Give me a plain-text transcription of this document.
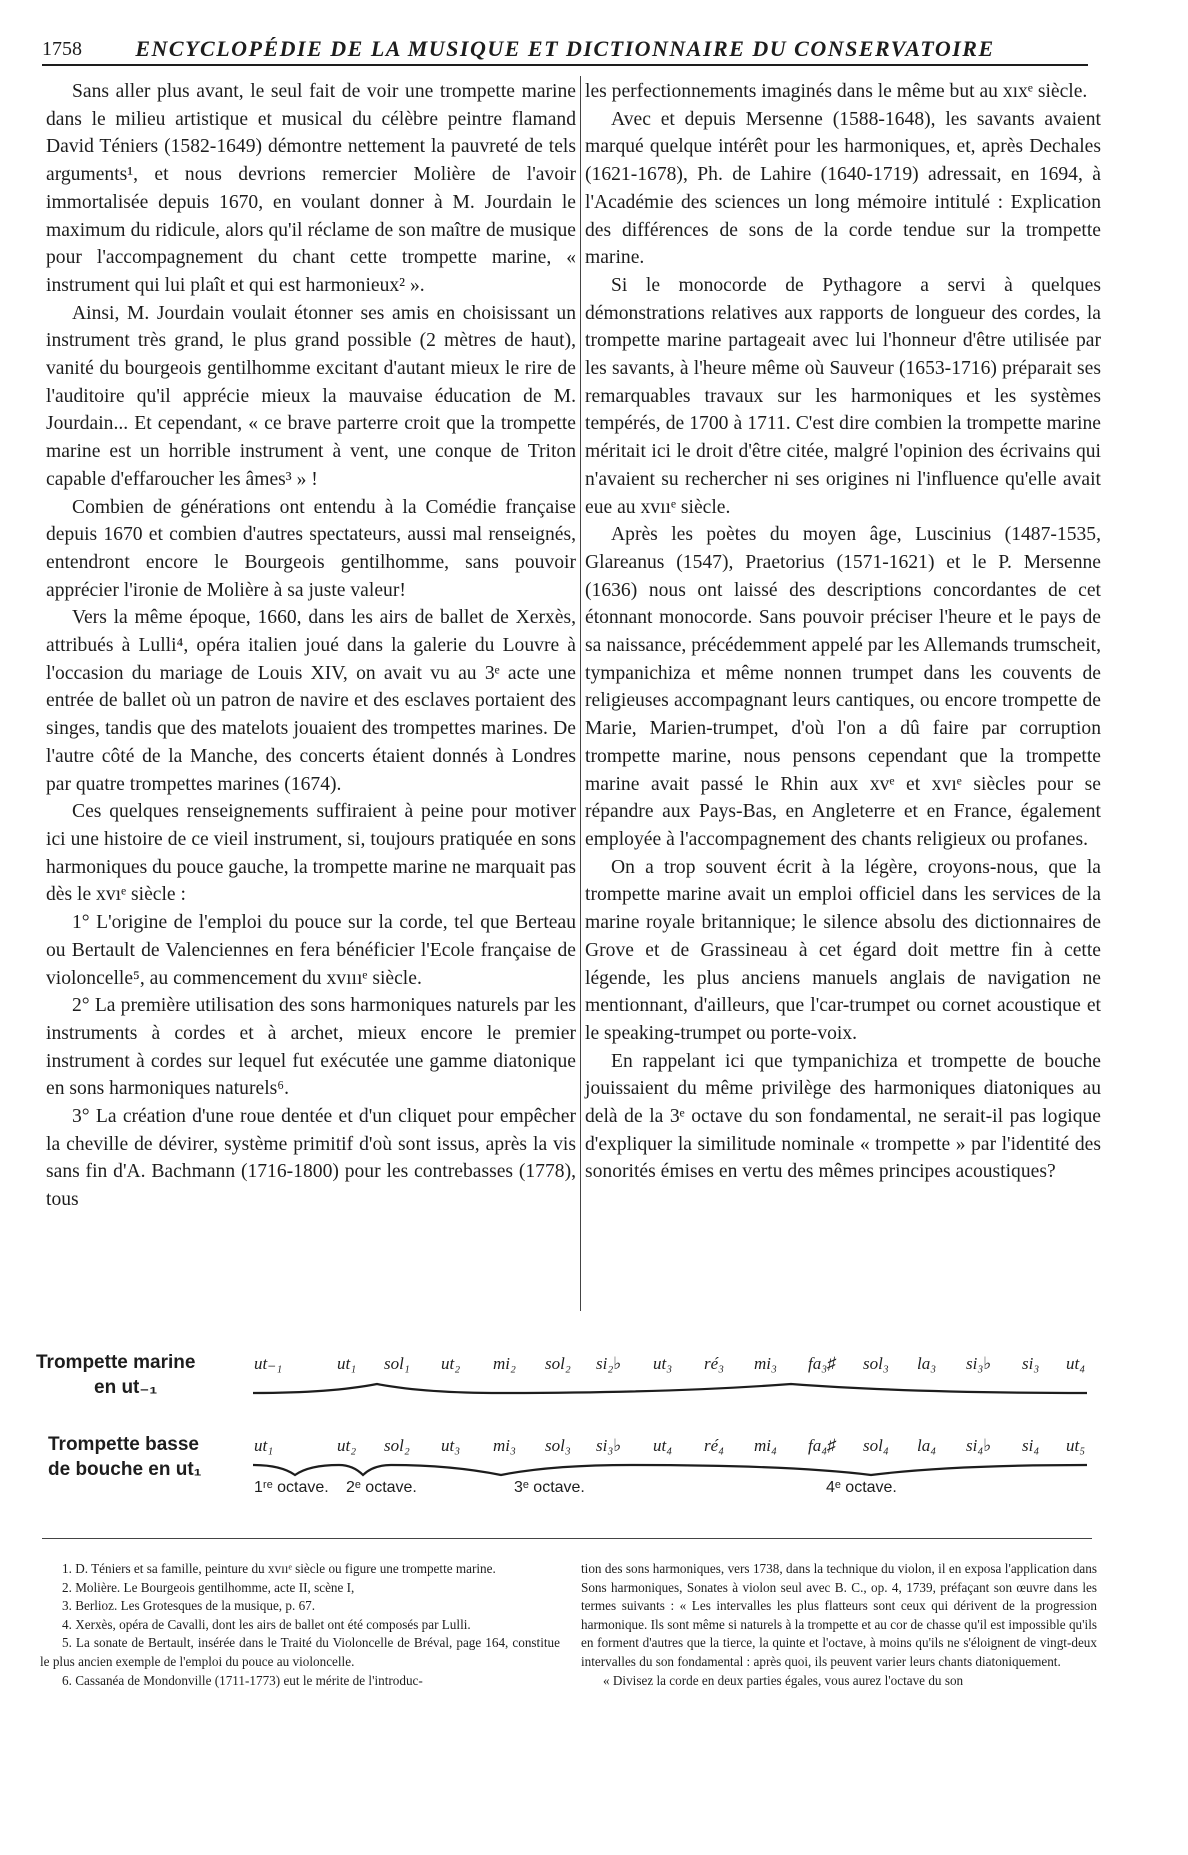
1758	ENCYCLOPÉDIE DE LA MUSIQUE ET DICTIONNAIRE DU CONSERVATOIRE

Sans aller plus avant, le seul fait de voir une trompette marine dans le milieu artistique et musical du célèbre peintre flamand David Téniers (1582-1649) démontre nettement la pauvreté de tels arguments¹, et nous devrions remercier Molière de l'avoir immortalisée depuis 1670, en voulant donner à M. Jourdain le maximum du ridicule, alors qu'il réclame de son maître de musique pour l'accompagnement du chant cette trompette marine, « instrument qui lui plaît et qui est harmonieux² ».

Ainsi, M. Jourdain voulait étonner ses amis en choisissant un instrument très grand, le plus grand possible (2 mètres de haut), vanité du bourgeois gentilhomme excitant d'autant mieux le rire de l'auditoire qu'il apprécie mieux la mauvaise éducation de M. Jourdain... Et cependant, « ce brave parterre croit que la trompette marine est un horrible instrument à vent, une conque de Triton capable d'effaroucher les âmes³ » !

Combien de générations ont entendu à la Comédie française depuis 1670 et combien d'autres spectateurs, aussi mal renseignés, entendront encore le Bourgeois gentilhomme, sans pouvoir apprécier l'ironie de Molière à sa juste valeur!

Vers la même époque, 1660, dans les airs de ballet de Xerxès, attribués à Lulli⁴, opéra italien joué dans la galerie du Louvre à l'occasion du mariage de Louis XIV, on avait vu au 3ᵉ acte une entrée de ballet où un patron de navire et des esclaves portaient des singes, tandis que des matelots jouaient des trompettes marines. De l'autre côté de la Manche, des concerts étaient donnés à Londres par quatre trompettes marines (1674).

Ces quelques renseignements suffiraient à peine pour motiver ici une histoire de ce vieil instrument, si, toujours pratiquée en sons harmoniques du pouce gauche, la trompette marine ne marquait pas dès le xvıᵉ siècle :

1° L'origine de l'emploi du pouce sur la corde, tel que Berteau ou Bertault de Valenciennes en fera bénéficier l'Ecole française de violoncelle⁵, au commencement du xvıııᵉ siècle.

2° La première utilisation des sons harmoniques naturels par les instruments à cordes et à archet, mieux encore le premier instrument à cordes sur lequel fut exécutée une gamme diatonique en sons harmoniques naturels⁶.

3° La création d'une roue dentée et d'un cliquet pour empêcher la cheville de dévirer, système primitif d'où sont issus, après la vis sans fin d'A. Bachmann (1716-1800) pour les contrebasses (1778), tous

les perfectionnements imaginés dans le même but au xıxᵉ siècle.

Avec et depuis Mersenne (1588-1648), les savants avaient marqué quelque intérêt pour les harmoniques, et, après Dechales (1621-1678), Ph. de Lahire (1640-1719) adressait, en 1694, à l'Académie des sciences un long mémoire intitulé : Explication des différences de sons de la corde tendue sur la trompette marine.

Si le monocorde de Pythagore a servi à quelques démonstrations relatives aux rapports de longueur des cordes, la trompette marine partageait avec lui l'honneur d'être utilisée par les savants, à l'heure même où Sauveur (1653-1716) préparait ses remarquables travaux sur les harmoniques et les systèmes tempérés, de 1700 à 1711. C'est dire combien la trompette marine méritait ici le droit d'être citée, malgré l'opinion des écrivains qui n'avaient su rechercher ni ses origines ni l'influence qu'elle avait eue au xvııᵉ siècle.

Après les poètes du moyen âge, Luscinius (1487-1535, Glareanus (1547), Praetorius (1571-1621) et le P. Mersenne (1636) nous ont laissé des descriptions concordantes de cet étonnant monocorde. Sans pouvoir préciser l'heure et le pays de sa naissance, précédemment appelé par les Allemands trumscheit, tympanichiza et même nonnen trumpet dans les couvents de religieuses accompagnant leurs cantiques, ou encore trompette de Marie, Marien-trumpet, d'où l'on a dû faire par corruption trompette marine, nous pensons cependant que la trompette marine avait passé le Rhin aux xvᵉ et xvıᵉ siècles pour se répandre aux Pays-Bas, en Angleterre et en France, également employée à l'accompagnement des chants religieux ou profanes.

On a trop souvent écrit à la légère, croyons-nous, que la trompette marine avait un emploi officiel dans les services de la marine royale britannique; le silence absolu des dictionnaires de Grove et de Grassineau à cet égard doit mettre fin à cette légende, les plus anciens manuels anglais de navigation ne mentionnant, d'ailleurs, que l'car-trumpet ou cornet acoustique et le speaking-trumpet ou porte-voix.

En rappelant ici que tympanichiza et trompette de bouche jouissaient du même privilège des harmoniques diatoniques au delà de la 3ᵉ octave du son fondamental, ne serait-il pas logique d'expliquer la similitude nominale « trompette » par l'identité des sonorités émises en vertu des mêmes principes acoustiques?

Trompette marine
en ut₋₁
Trompette basse
de bouche en ut₁
ut₋₁	ut₁ sol₁ ut₂ mi₂ sol₂ si₂♭ ut₃ ré₃ mi₃ fa₃♯ sol₃ la₃ si₃♭ si₃ ut₄
ut₁	ut₂ sol₂ ut₃ mi₃ sol₃ si₃♭ ut₄ ré₄ mi₄ fa₄♯ sol₄ la₄ si₄♭ si₄ ut₅
1ʳᵉ octave. 2ᵉ octave.	3ᵉ octave.	4ᵉ octave.

1. D. Téniers et sa famille, peinture du xvııᵉ siècle ou figure une trompette marine.

2. Molière. Le Bourgeois gentilhomme, acte II, scène I,

3. Berlioz. Les Grotesques de la musique, p. 67.

4. Xerxès, opéra de Cavalli, dont les airs de ballet ont été composés par Lulli.

5. La sonate de Bertault, insérée dans le Traité du Violoncelle de Bréval, page 164, constitue le plus ancien exemple de l'emploi du pouce au violoncelle.

6. Cassanéa de Mondonville (1711-1773) eut le mérite de l'introduc-

tion des sons harmoniques, vers 1738, dans la technique du violon, il en exposa l'application dans Sons harmoniques, Sonates à violon seul avec B. C., op. 4, 1739, préfaçant son œuvre dans les termes suivants : « Les intervalles les plus flatteurs sont ceux qui dérivent de la progression harmonique. Ils sont même si naturels à la trompette et au cor de chasse qu'il est impossible qu'ils en forment d'autres que la tierce, la quinte et l'octave, à moins qu'ils ne s'éloignent de vingt-deux intervalles du son fondamental : après quoi, ils peuvent varier leurs chants diatoniquement.

« Divisez la corde en deux parties égales, vous aurez l'octave du son
